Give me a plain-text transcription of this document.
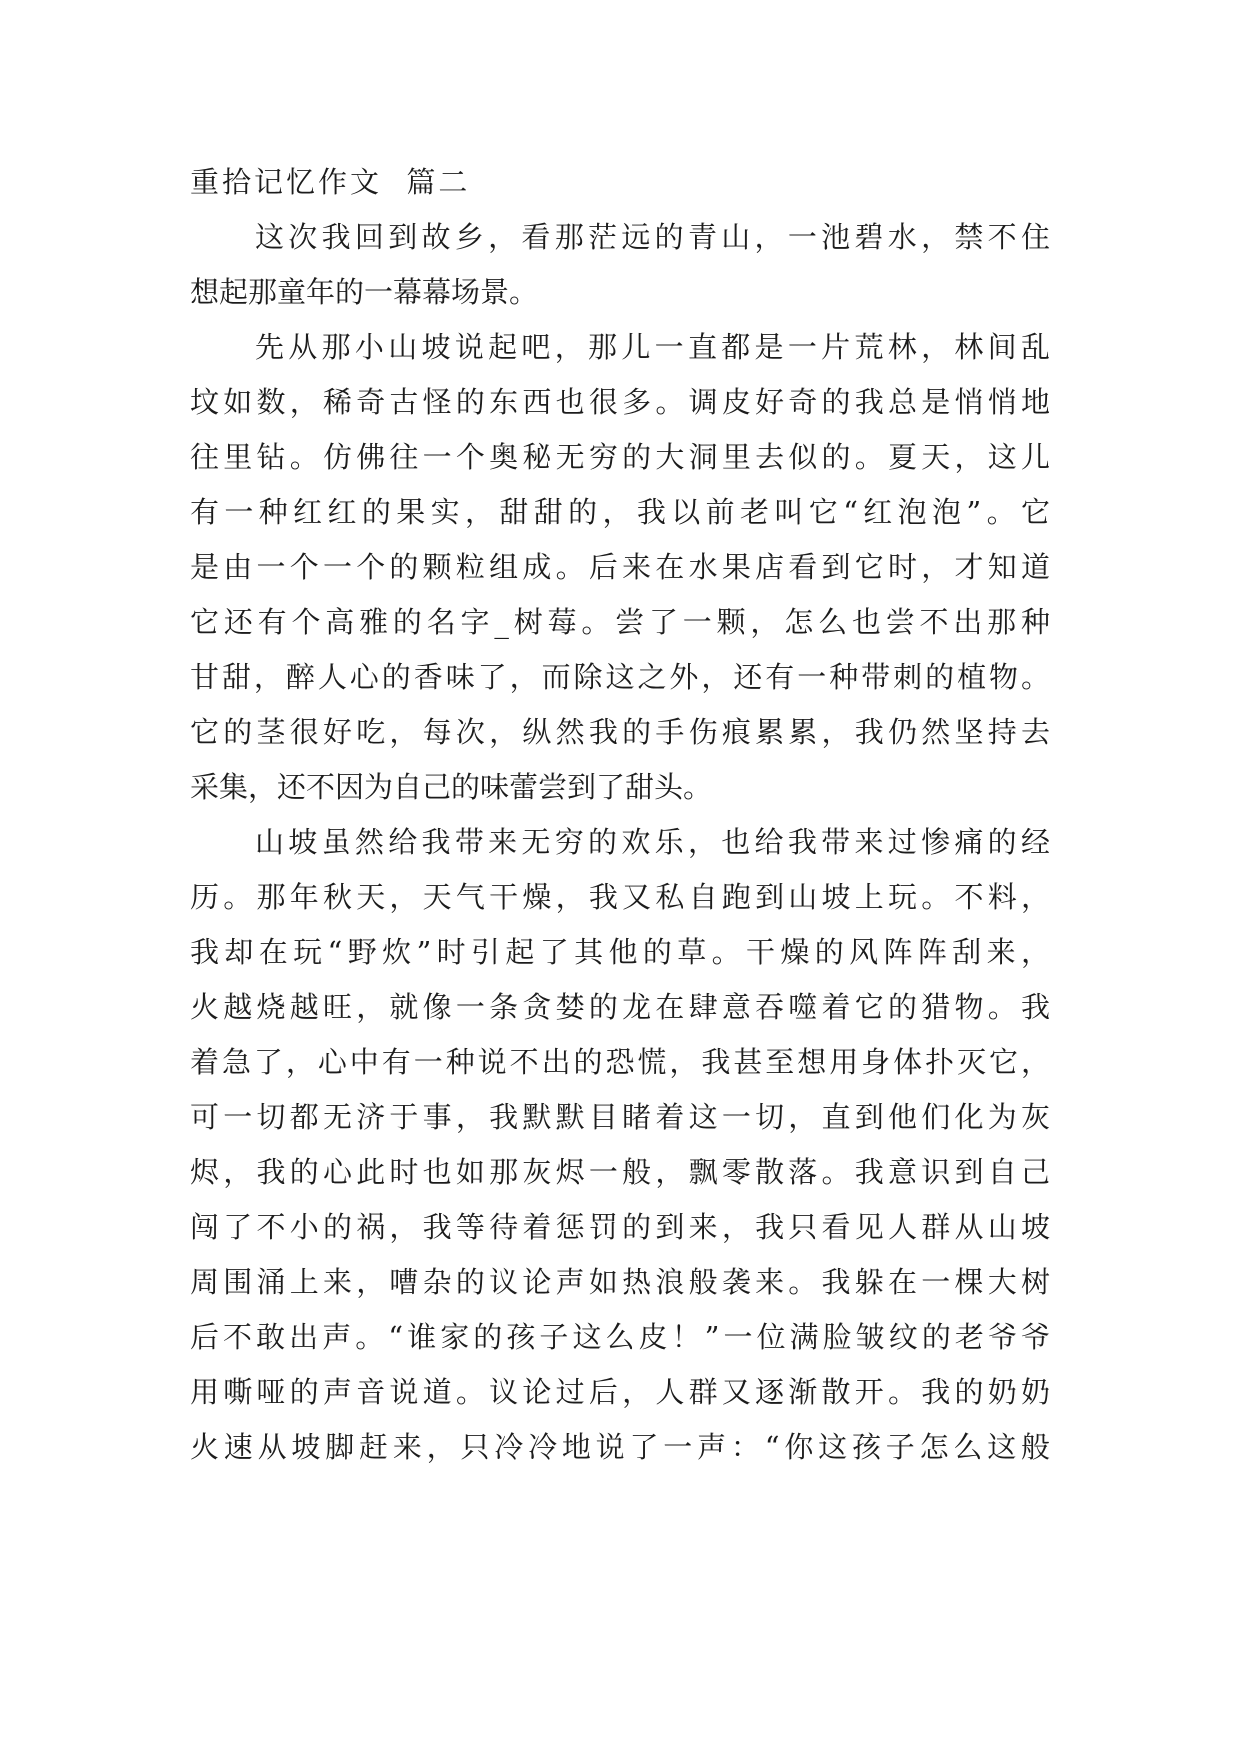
重拾记忆作文  篇二

这次我回到故乡，看那茫远的青山，一池碧水，禁不住

想起那童年的一幕幕场景。

先从那小山坡说起吧，那儿一直都是一片荒林，林间乱

坟如数，稀奇古怪的东西也很多。调皮好奇的我总是悄悄地

往里钻。仿佛往一个奥秘无穷的大洞里去似的。夏天，这儿

有一种红红的果实，甜甜的，我以前老叫它“红泡泡”。它

是由一个一个的颗粒组成。后来在水果店看到它时，才知道

它还有个高雅的名字_树莓。尝了一颗，怎么也尝不出那种

甘甜，醉人心的香味了，而除这之外，还有一种带刺的植物。

它的茎很好吃，每次，纵然我的手伤痕累累，我仍然坚持去

采集，还不因为自己的味蕾尝到了甜头。

山坡虽然给我带来无穷的欢乐，也给我带来过惨痛的经

历。那年秋天，天气干燥，我又私自跑到山坡上玩。不料，

我却在玩“野炊”时引起了其他的草。干燥的风阵阵刮来，

火越烧越旺，就像一条贪婪的龙在肆意吞噬着它的猎物。我

着急了，心中有一种说不出的恐慌，我甚至想用身体扑灭它，

可一切都无济于事，我默默目睹着这一切，直到他们化为灰

烬，我的心此时也如那灰烬一般，飘零散落。我意识到自己

闯了不小的祸，我等待着惩罚的到来，我只看见人群从山坡

周围涌上来，嘈杂的议论声如热浪般袭来。我躲在一棵大树

后不敢出声。“谁家的孩子这么皮！”一位满脸皱纹的老爷爷

用嘶哑的声音说道。议论过后，人群又逐渐散开。我的奶奶

火速从坡脚赶来，只冷冷地说了一声：“你这孩子怎么这般
